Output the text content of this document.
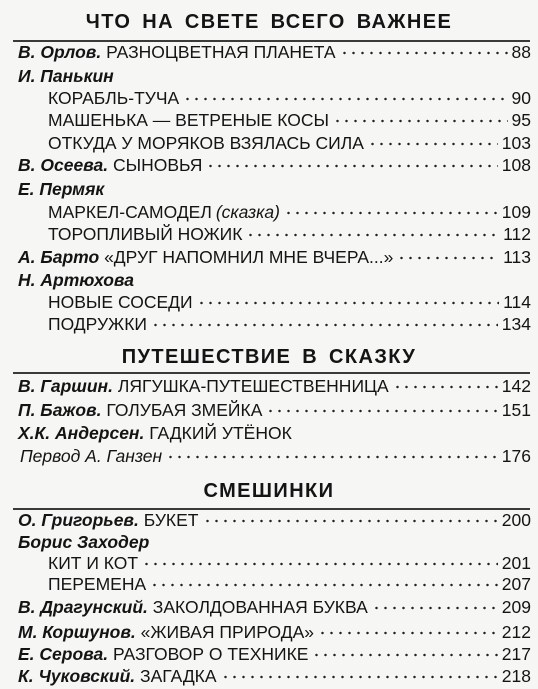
ЧТО НА СВЕТЕ ВСЕГО ВАЖНЕЕ
В. Орлов.
РАЗНОЦВЕТНАЯ ПЛАНЕТА	88
И. Панькин
КОРАБЛЬ-ТУЧА	90
МАШЕНЬКА — ВЕТРЕНЫЕ КОСЫ	95
ОТКУДА У МОРЯКОВ ВЗЯЛАСЬ СИЛА	103
В. Осеева.
СЫНОВЬЯ	108
Е. Пермяк
МАРКЕЛ-САМОДЕЛ (сказка)	109
ТОРОПЛИВЫЙ НОЖИК	112
А. Барто
«ДРУГ НАПОМНИЛ МНЕ ВЧЕРА...»	113
Н. Артюхова
НОВЫЕ СОСЕДИ	114
ПОДРУЖКИ	134
ПУТЕШЕСТВИЕ В СКАЗКУ
В. Гаршин.
ЛЯГУШКА-ПУТЕШЕСТВЕННИЦА	142
П. Бажов.
ГОЛУБАЯ ЗМЕЙКА	151
Х.К. Андерсен.
ГАДКИЙ УТЁНОК
Первод А. Ганзен	176
СМЕШИНКИ
О. Григорьев.
БУКЕТ	200
Борис Заходер
КИТ И КОТ	201
ПЕРЕМЕНА	207
В. Драгунский.
ЗАКОЛДОВАННАЯ БУКВА	209
М. Коршунов.
«ЖИВАЯ ПРИРОДА»	212
Е. Серова.
РАЗГОВОР О ТЕХНИКЕ	217
К. Чуковский.
ЗАГАДКА	218
